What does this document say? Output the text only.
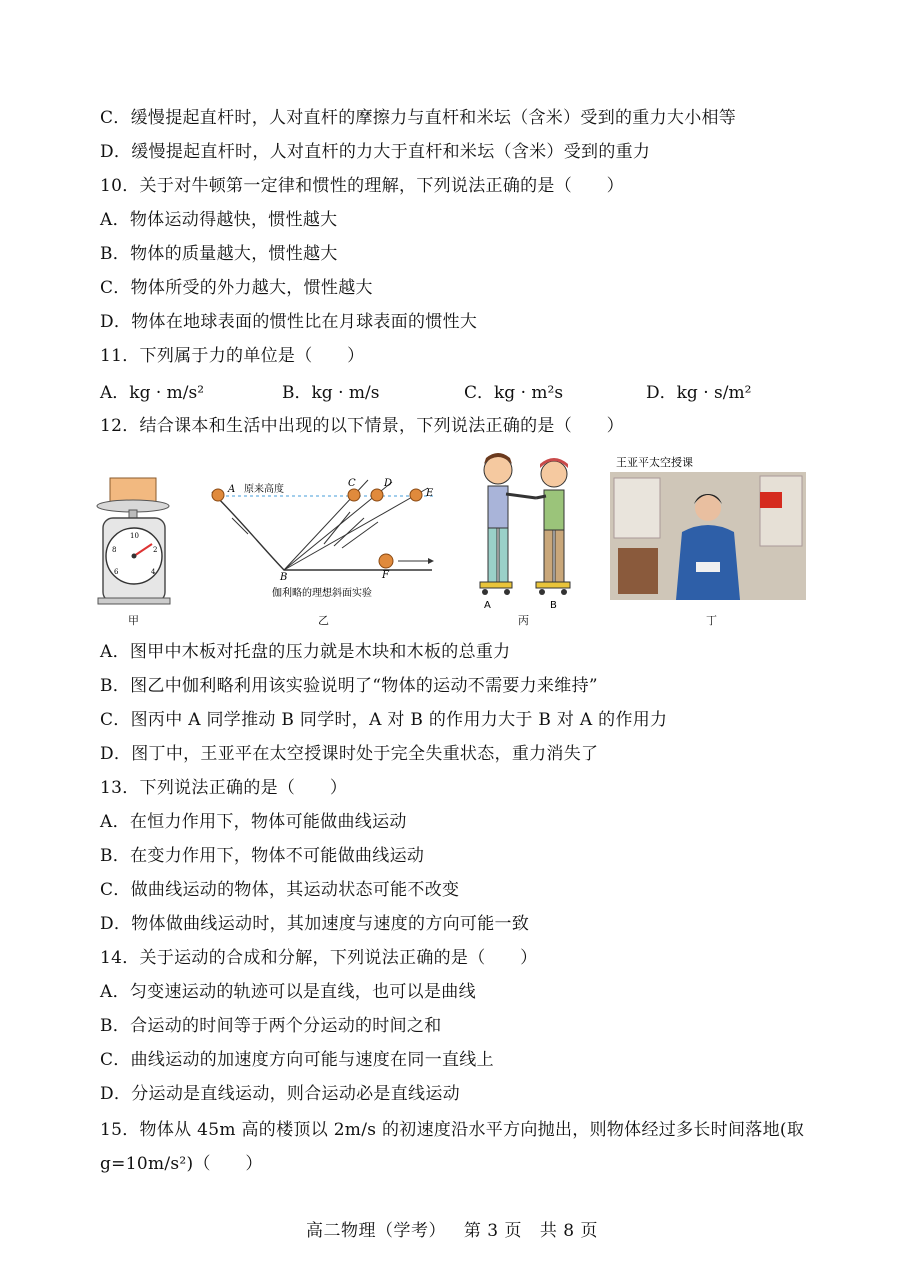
C．缓慢提起直杆时，人对直杆的摩擦力与直杆和米坛（含米）受到的重力大小相等
D．缓慢提起直杆时，人对直杆的力大于直杆和米坛（含米）受到的重力
10．关于对牛顿第一定律和惯性的理解，下列说法正确的是（　　）
A．物体运动得越快，惯性越大
B．物体的质量越大，惯性越大
C．物体所受的外力越大，惯性越大
D．物体在地球表面的惯性比在月球表面的惯性大
11．下列属于力的单位是（　　）
A．kg · m/s²	B．kg · m/s	C．kg · m²s	D．kg · s/m²
12．结合课本和生活中出现的以下情景，下列说法正确的是（　　）
10
2
4
6
8
原来高度
A
B
C	D
E
F
伽利略的理想斜面实验
A	B
王亚平太空授课
甲	乙	丙	丁
A．图甲中木板对托盘的压力就是木块和木板的总重力
B．图乙中伽利略利用该实验说明了“物体的运动不需要力来维持”
C．图丙中 A 同学推动 B 同学时，A 对 B 的作用力大于 B 对 A 的作用力
D．图丁中，王亚平在太空授课时处于完全失重状态，重力消失了
13．下列说法正确的是（　　）
A．在恒力作用下，物体可能做曲线运动
B．在变力作用下，物体不可能做曲线运动
C．做曲线运动的物体，其运动状态可能不改变
D．物体做曲线运动时，其加速度与速度的方向可能一致
14．关于运动的合成和分解，下列说法正确的是（　　）
A．匀变速运动的轨迹可以是直线，也可以是曲线
B．合运动的时间等于两个分运动的时间之和
C．曲线运动的加速度方向可能与速度在同一直线上
D．分运动是直线运动，则合运动必是直线运动
15．物体从 45m 高的楼顶以 2m/s 的初速度沿水平方向抛出，则物体经过多长时间落地(取
g=10m/s²)（　　）
高二物理（学考） 第 3 页 共 8 页
